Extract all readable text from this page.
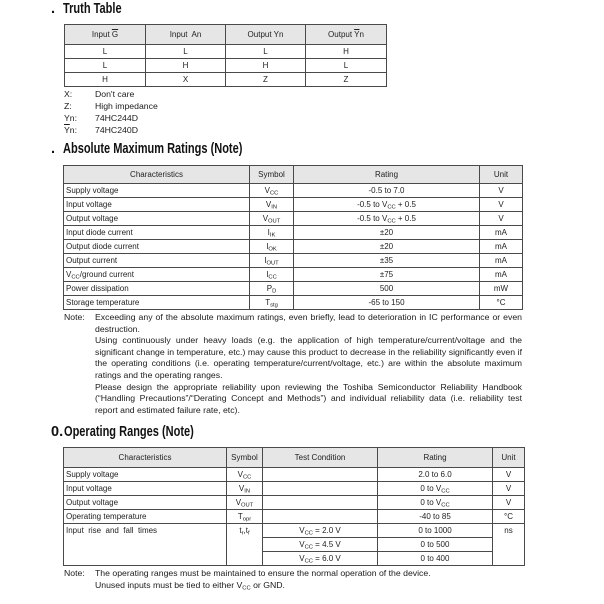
. Truth Table
Input $\overline{G}$	Input  An	Output Yn	Output $\overline{Y}n$
L	L	L	H
L	H	H	L
H	X	Z	Z
X:	Don't care
Z:	High impedance
Yn: 74HC244D
$\overline{Y}n$: 74HC240D
. Absolute Maximum Ratings (Note)
Characteristics	Symbol	Rating	Unit
Supply voltage	$V_{CC}$	-0.5 to 7.0	V
Input voltage	$V_{IN}$	-0.5 to $V_{CC} + 0.5$	V
Output voltage	$V_{OUT}$	-0.5 to $V_{CC} + 0.5$	V
Input diode current	$I_{IK}$	±20	mA
Output diode current	$I_{OK}$	±20	mA
Output current	$I_{OUT}$	±35	mA
$V_{CC}$/ground current	$I_{CC}$	±75	mA
Power dissipation	$P_D$	500	mW
Storage temperature	$T_{stg}$	-65 to 150	°C
Note: Exceeding any of the absolute maximum ratings, even briefly, lead to deterioration in IC performance or even destruction.

Using continuously under heavy loads (e.g. the application of high temperature/current/voltage and the significant change in temperature, etc.) may cause this product to decrease in the reliability significantly even if the operating conditions (i.e. operating temperature/current/voltage, etc.) are within the absolute maximum ratings and the operating ranges.

Please design the appropriate reliability upon reviewing the Toshiba Semiconductor Reliability Handbook (“Handling Precautions”/“Derating Concept and Methods”) and individual reliability data (i.e. reliability test report and estimated failure rate, etc).

0. Operating Ranges (Note)
Characteristics	Symbol	Test Condition	Rating	Unit
Supply voltage	$V_{CC}$		2.0 to 6.0	V
Input voltage	$V_{IN}$		0 to $V_{CC}$	V
Output voltage	$V_{OUT}$		0 to $V_{CC}$	V
Operating temperature	$T_{opr}$		-40 to 85	°C
Input rise and fall times	$t_r,t_f$	$V_{CC} = 2.0$ V	0 to 1000	ns
		$V_{CC} = 4.5$ V	0 to 500	
		$V_{CC} = 6.0$ V	0 to 400	
Note: The operating ranges must be maintained to ensure the normal operation of the device.

Unused inputs must be tied to either $V_{CC}$ or GND.
